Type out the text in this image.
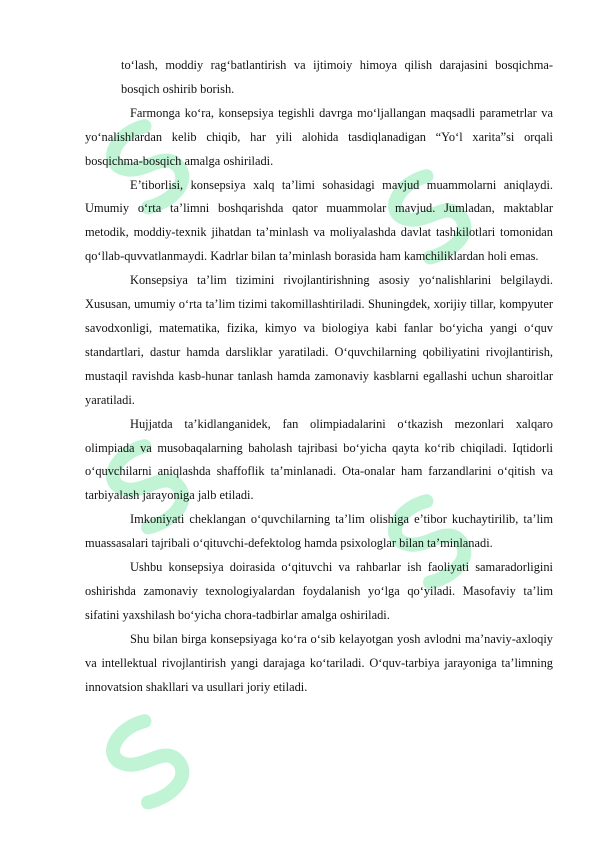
to‘lash, moddiy rag‘batlantirish va ijtimoiy himoya qilish darajasini bosqichma-bosqich oshirib borish.

Farmonga ko‘ra, konsepsiya tegishli davrga mo‘ljallangan maqsadli parametrlar va yo‘nalishlardan kelib chiqib, har yili alohida tasdiqlanadigan “Yo‘l xarita”si orqali bosqichma-bosqich amalga oshiriladi.

E’tiborlisi, konsepsiya xalq ta’limi sohasidagi mavjud muammolarni aniqlaydi. Umumiy o‘rta ta’limni boshqarishda qator muammolar mavjud. Jumladan, maktablar metodik, moddiy-texnik jihatdan ta’minlash va moliyalashda davlat tashkilotlari tomonidan qo‘llab-quvvatlanmaydi. Kadrlar bilan ta’minlash borasida ham kamchiliklardan holi emas.

Konsepsiya ta’lim tizimini rivojlantirishning asosiy yo‘nalishlarini belgilaydi. Xususan, umumiy o‘rta ta’lim tizimi takomillashtiriladi. Shuningdek, xorijiy tillar, kompyuter savodxonligi, matematika, fizika, kimyo va biologiya kabi fanlar bo‘yicha yangi o‘quv standartlari, dastur hamda darsliklar yaratiladi. O‘quvchilarning qobiliyatini rivojlantirish, mustaqil ravishda kasb-hunar tanlash hamda zamonaviy kasblarni egallashi uchun sharoitlar yaratiladi.

Hujjatda ta’kidlanganidek, fan olimpiadalarini o‘tkazish mezonlari xalqaro olimpiada va musobaqalarning baholash tajribasi bo‘yicha qayta ko‘rib chiqiladi. Iqtidorli o‘quvchilarni aniqlashda shaffoflik ta’minlanadi. Ota-onalar ham farzandlarini o‘qitish va tarbiyalash jarayoniga jalb etiladi.

Imkoniyati cheklangan o‘quvchilarning ta’lim olishiga e’tibor kuchaytirilib, ta’lim muassasalari tajribali o‘qituvchi-defektolog hamda psixologlar bilan ta’minlanadi.

Ushbu konsepsiya doirasida o‘qituvchi va rahbarlar ish faoliyati samaradorligini oshirishda zamonaviy texnologiyalardan foydalanish yo‘lga qo‘yiladi. Masofaviy ta’lim sifatini yaxshilash bo‘yicha chora-tadbirlar amalga oshiriladi.

Shu bilan birga konsepsiyaga ko‘ra o‘sib kelayotgan yosh avlodni ma’naviy-axloqiy va intellektual rivojlantirish yangi darajaga ko‘tariladi. O‘quv-tarbiya jarayoniga ta’limning innovatsion shakllari va usullari joriy etiladi.
